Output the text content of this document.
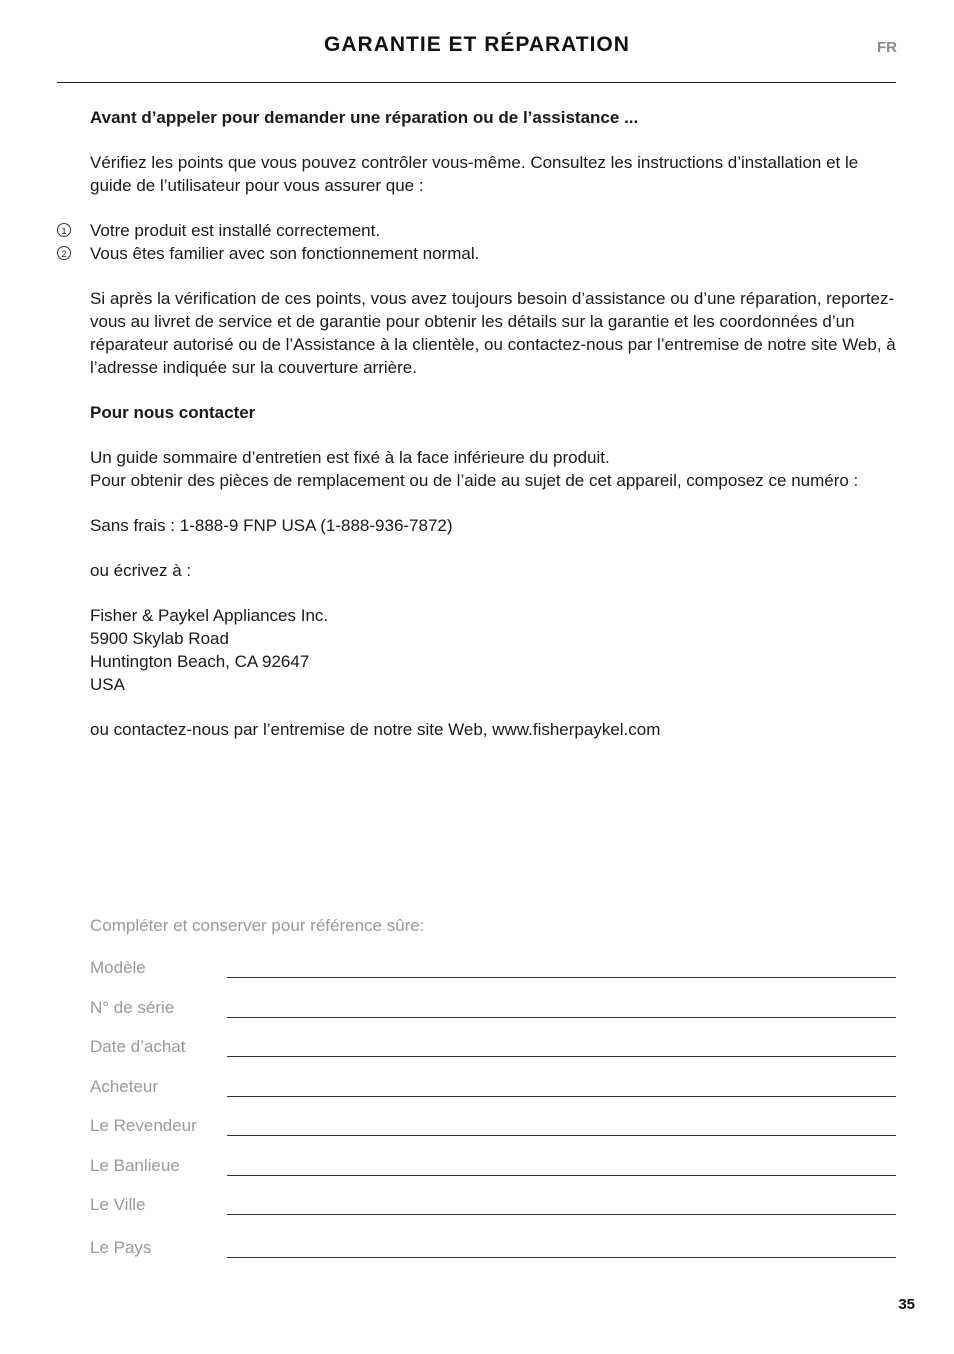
GARANTIE ET RÉPARATION	FR

Avant d’appeler pour demander une réparation ou de l’assistance ...

Vérifiez les points que vous pouvez contrôler vous-même. Consultez les instructions d’installation et le guide de l’utilisateur pour vous assurer que :

1 Votre produit est installé correctement.
2 Vous êtes familier avec son fonctionnement normal.

Si après la vérification de ces points, vous avez toujours besoin d’assistance ou d’une réparation, reportez-vous au livret de service et de garantie pour obtenir les détails sur la garantie et les coordonnées d’un réparateur autorisé ou de l’Assistance à la clientèle, ou contactez-nous par l’entremise de notre site Web, à l’adresse indiquée sur la couverture arrière.

Pour nous contacter

Un guide sommaire d’entretien est fixé à la face inférieure du produit.

Pour obtenir des pièces de remplacement ou de l’aide au sujet de cet appareil, composez ce numéro :

Sans frais : 1-888-9 FNP USA (1-888-936-7872)

ou écrivez à :

Fisher & Paykel Appliances Inc.

5900 Skylab Road

Huntington Beach, CA 92647

USA

ou contactez-nous par l’entremise de notre site Web, www.fisherpaykel.com

Compléter et conserver pour référence sûre:
Modèle
N° de série
Date d’achat
Acheteur
Le Revendeur
Le Banlieue
Le Ville
Le Pays
35
